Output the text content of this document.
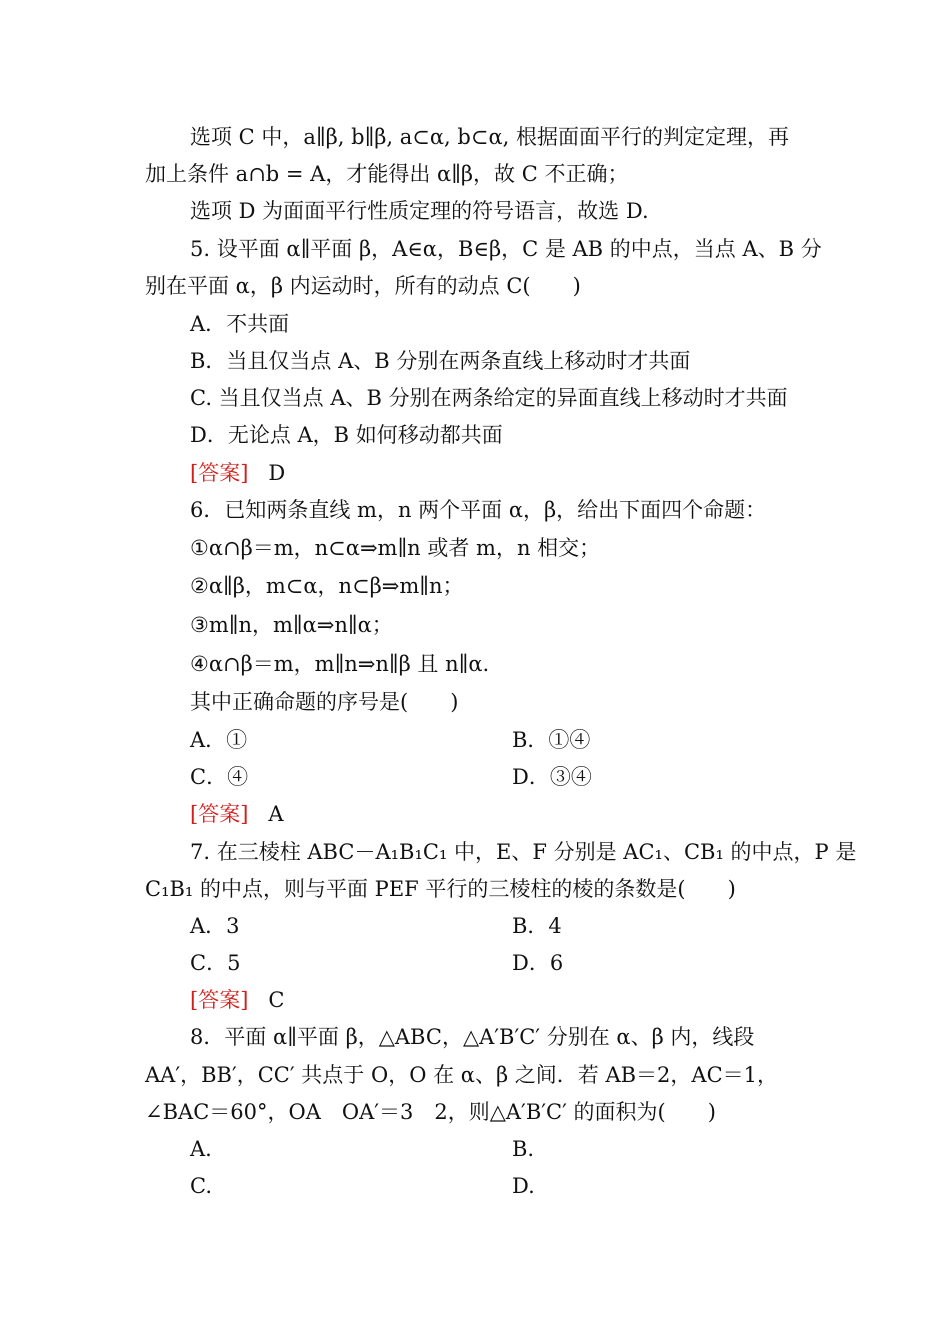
选项 C 中，a∥β, b∥β, a⊂α, b⊂α, 根据面面平行的判定定理，再
加上条件 a∩b = A，才能得出 α∥β，故 C 不正确；
选项 D 为面面平行性质定理的符号语言，故选 D.
5. 设平面 α∥平面 β，A∈α，B∈β，C 是 AB 的中点，当点 A、B 分
别在平面 α，β 内运动时，所有的动点 C(　　)
A．不共面
B．当且仅当点 A、B 分别在两条直线上移动时才共面
C. 当且仅当点 A、B 分别在两条给定的异面直线上移动时才共面
D．无论点 A，B 如何移动都共面
[答案] D
6．已知两条直线 m，n 两个平面 α，β，给出下面四个命题：
①α∩β＝m，n⊂α⇒m∥n 或者 m，n 相交；
②α∥β，m⊂α，n⊂β⇒m∥n；
③m∥n，m∥α⇒n∥α；
④α∩β＝m，m∥n⇒n∥β 且 n∥α.
其中正确命题的序号是(　　)
A．①	B．①④
C．④	D．③④
[答案] A
7. 在三棱柱 ABC－A₁B₁C₁ 中，E、F 分别是 AC₁、CB₁ 的中点，P 是
C₁B₁ 的中点，则与平面 PEF 平行的三棱柱的棱的条数是(　　)
A．3	B．4
C．5	D．6
[答案] C
8．平面 α∥平面 β，△ABC，△A′B′C′ 分别在 α、β 内，线段
AA′，BB′，CC′ 共点于 O，O 在 α、β 之间．若 AB＝2，AC＝1，
∠BAC＝60°，OA　OA′＝3　2，则△A′B′C′ 的面积为(　　)
A.	B.
C.	D.
